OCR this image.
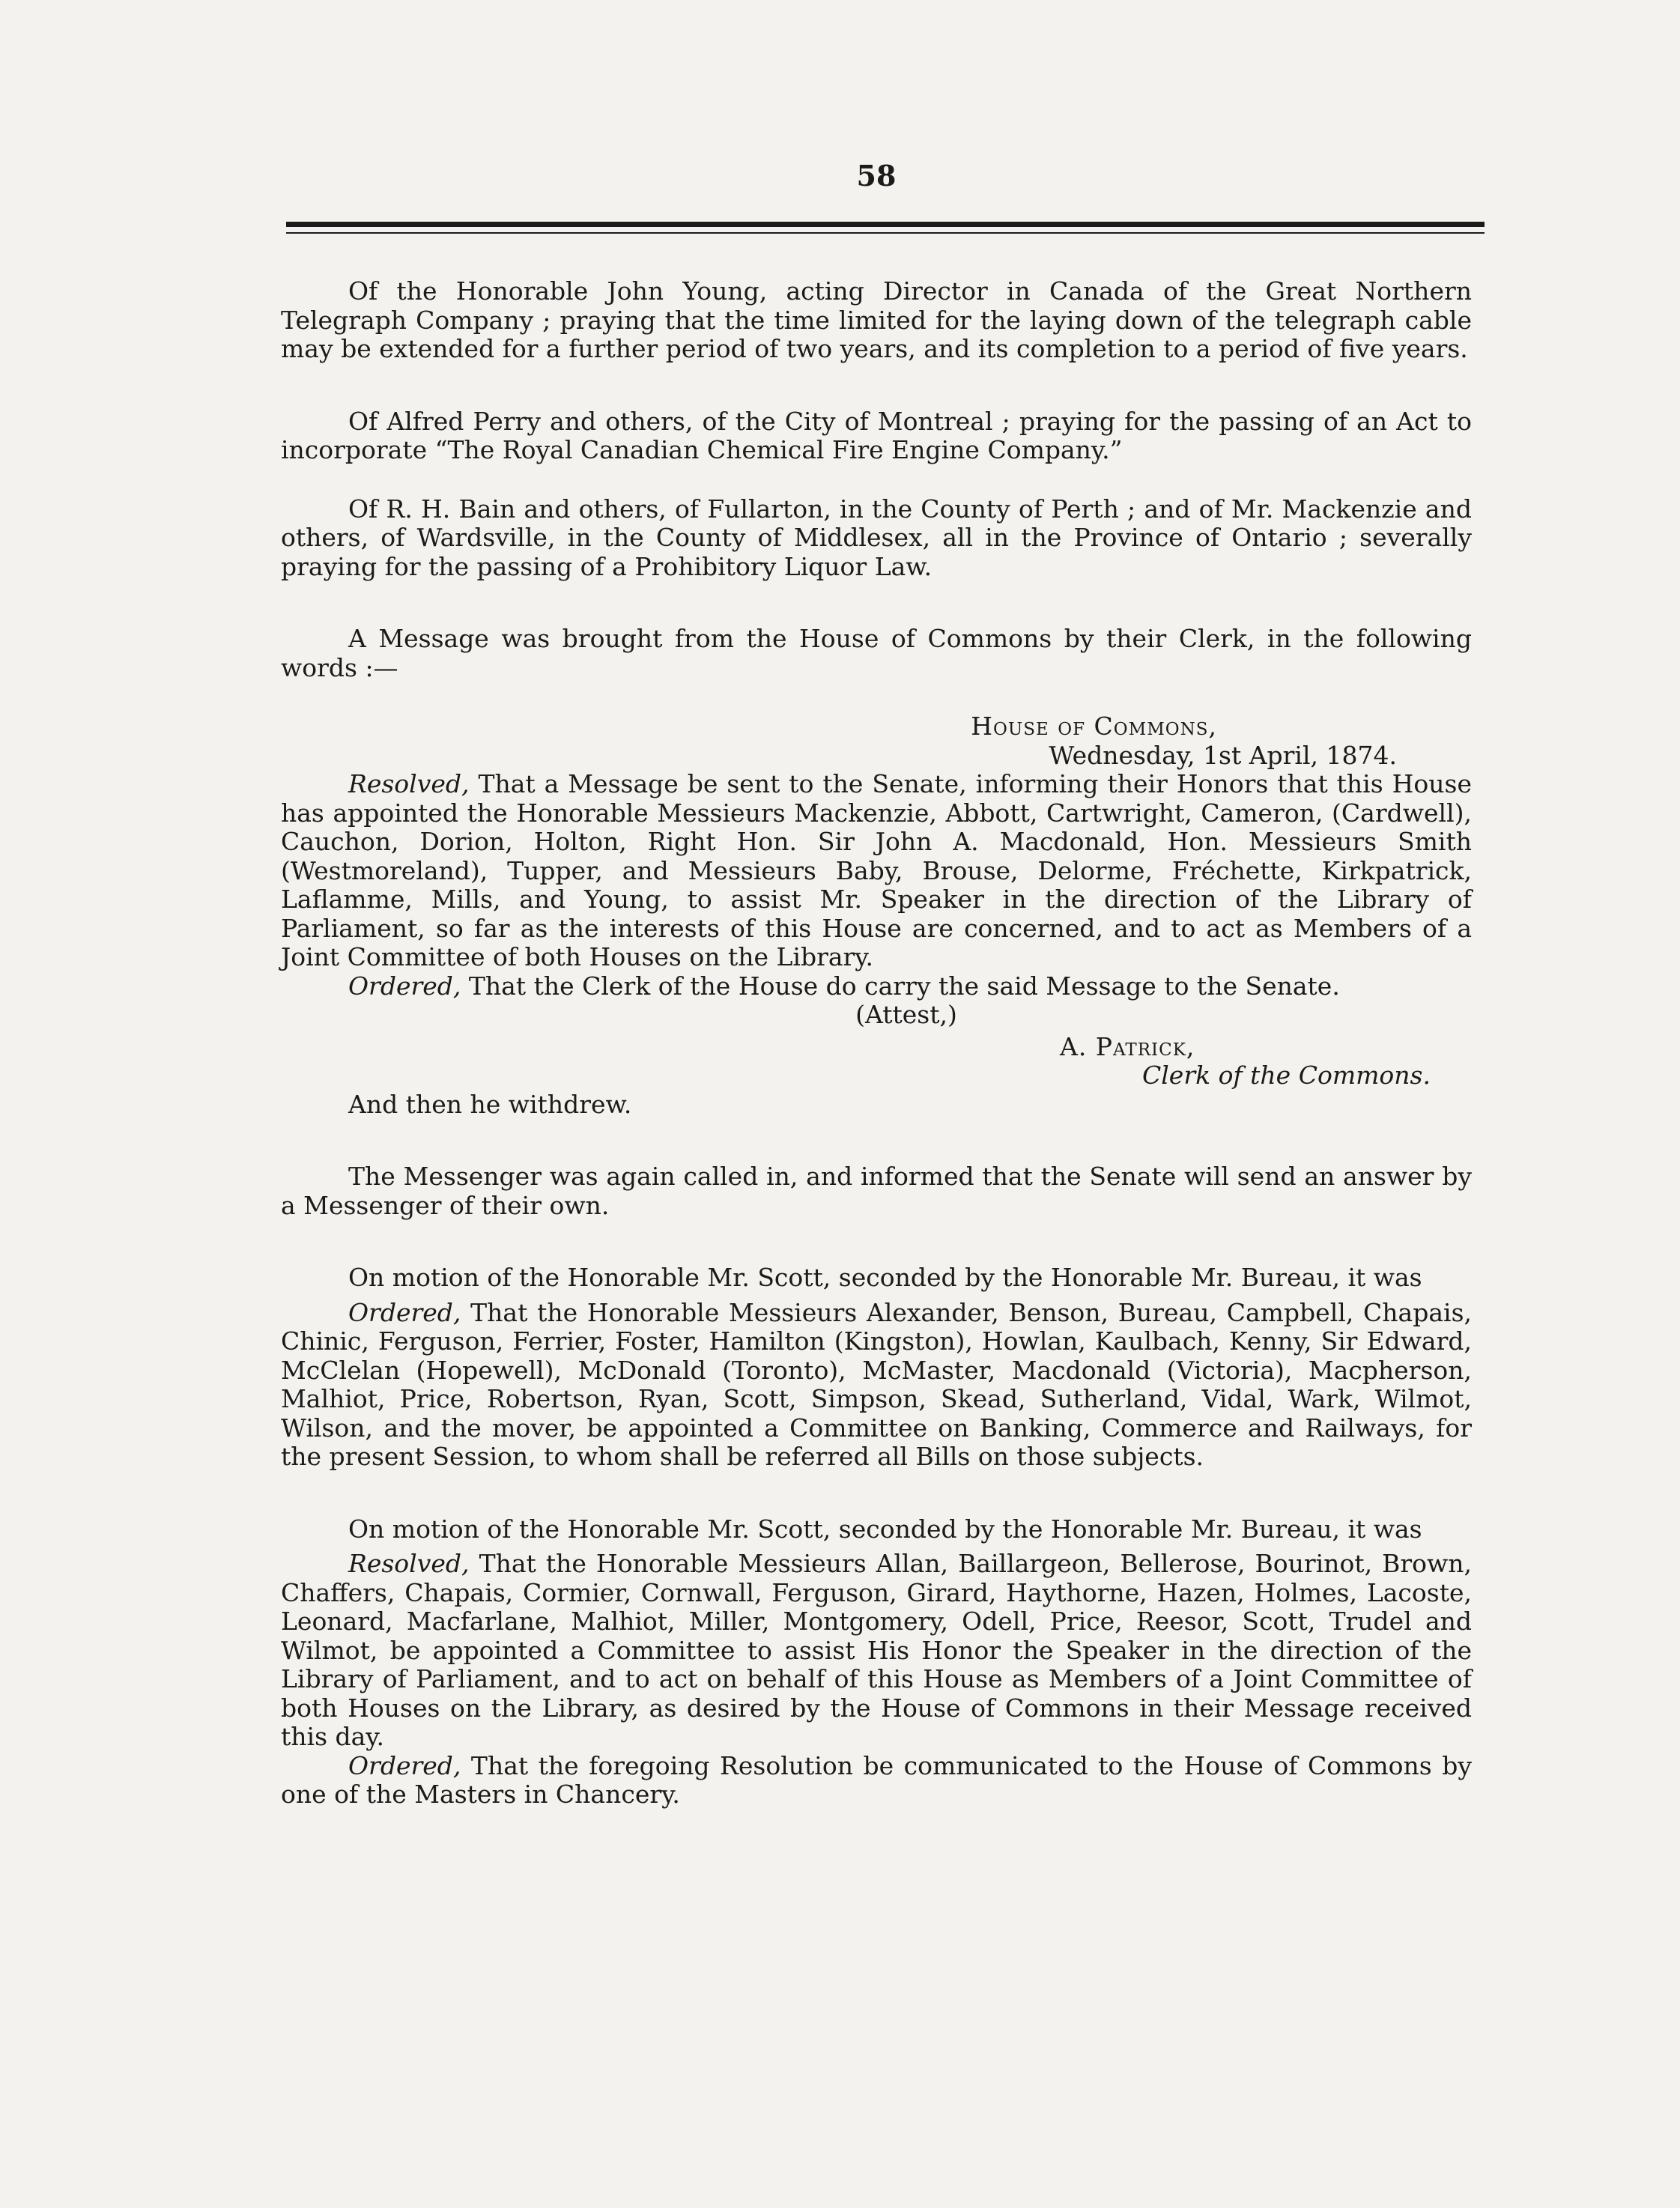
58

Of the Honorable John Young, acting Director in Canada of the Great Northern Telegraph Company ; praying that the time limited for the laying down of the telegraph cable may be extended for a further period of two years, and its completion to a period of five years.

Of Alfred Perry and others, of the City of Montreal ; praying for the passing of an Act to incorporate “The Royal Canadian Chemical Fire Engine Company.”

Of R. H. Bain and others, of Fullarton, in the County of Perth ; and of Mr. Mackenzie and others, of Wardsville, in the County of Middlesex, all in the Province of Ontario ; severally praying for the passing of a Prohibitory Liquor Law.

A Message was brought from the House of Commons by their Clerk, in the following words :—

House of Commons,

Wednesday, 1st April, 1874.

Resolved, That a Message be sent to the Senate, informing their Honors that this House has appointed the Honorable Messieurs Mackenzie, Abbott, Cartwright, Cameron, (Cardwell), Cauchon, Dorion, Holton, Right Hon. Sir John A. Macdonald, Hon. Messieurs Smith (Westmoreland), Tupper, and Messieurs Baby, Brouse, Delorme, Fréchette, Kirkpatrick, Laflamme, Mills, and Young, to assist Mr. Speaker in the direction of the Library of Parliament, so far as the interests of this House are concerned, and to act as Members of a Joint Committee of both Houses on the Library.

Ordered, That the Clerk of the House do carry the said Message to the Senate.

(Attest,)

A. Patrick,

Clerk of the Commons.

And then he withdrew.

The Messenger was again called in, and informed that the Senate will send an answer by a Messenger of their own.

On motion of the Honorable Mr. Scott, seconded by the Honorable Mr. Bureau, it was

Ordered, That the Honorable Messieurs Alexander, Benson, Bureau, Campbell, Chapais, Chinic, Ferguson, Ferrier, Foster, Hamilton (Kingston), Howlan, Kaulbach, Kenny, Sir Edward, McClelan (Hopewell), McDonald (Toronto), McMaster, Macdonald (Victoria), Macpherson, Malhiot, Price, Robertson, Ryan, Scott, Simpson, Skead, Sutherland, Vidal, Wark, Wilmot, Wilson, and the mover, be appointed a Committee on Banking, Commerce and Railways, for the present Session, to whom shall be referred all Bills on those subjects.

On motion of the Honorable Mr. Scott, seconded by the Honorable Mr. Bureau, it was

Resolved, That the Honorable Messieurs Allan, Baillargeon, Bellerose, Bourinot, Brown, Chaffers, Chapais, Cormier, Cornwall, Ferguson, Girard, Haythorne, Hazen, Holmes, Lacoste, Leonard, Macfarlane, Malhiot, Miller, Montgomery, Odell, Price, Reesor, Scott, Trudel and Wilmot, be appointed a Committee to assist His Honor the Speaker in the direction of the Library of Parliament, and to act on behalf of this House as Members of a Joint Committee of both Houses on the Library, as desired by the House of Commons in their Message received this day.

Ordered, That the foregoing Resolution be communicated to the House of Commons by one of the Masters in Chancery.
